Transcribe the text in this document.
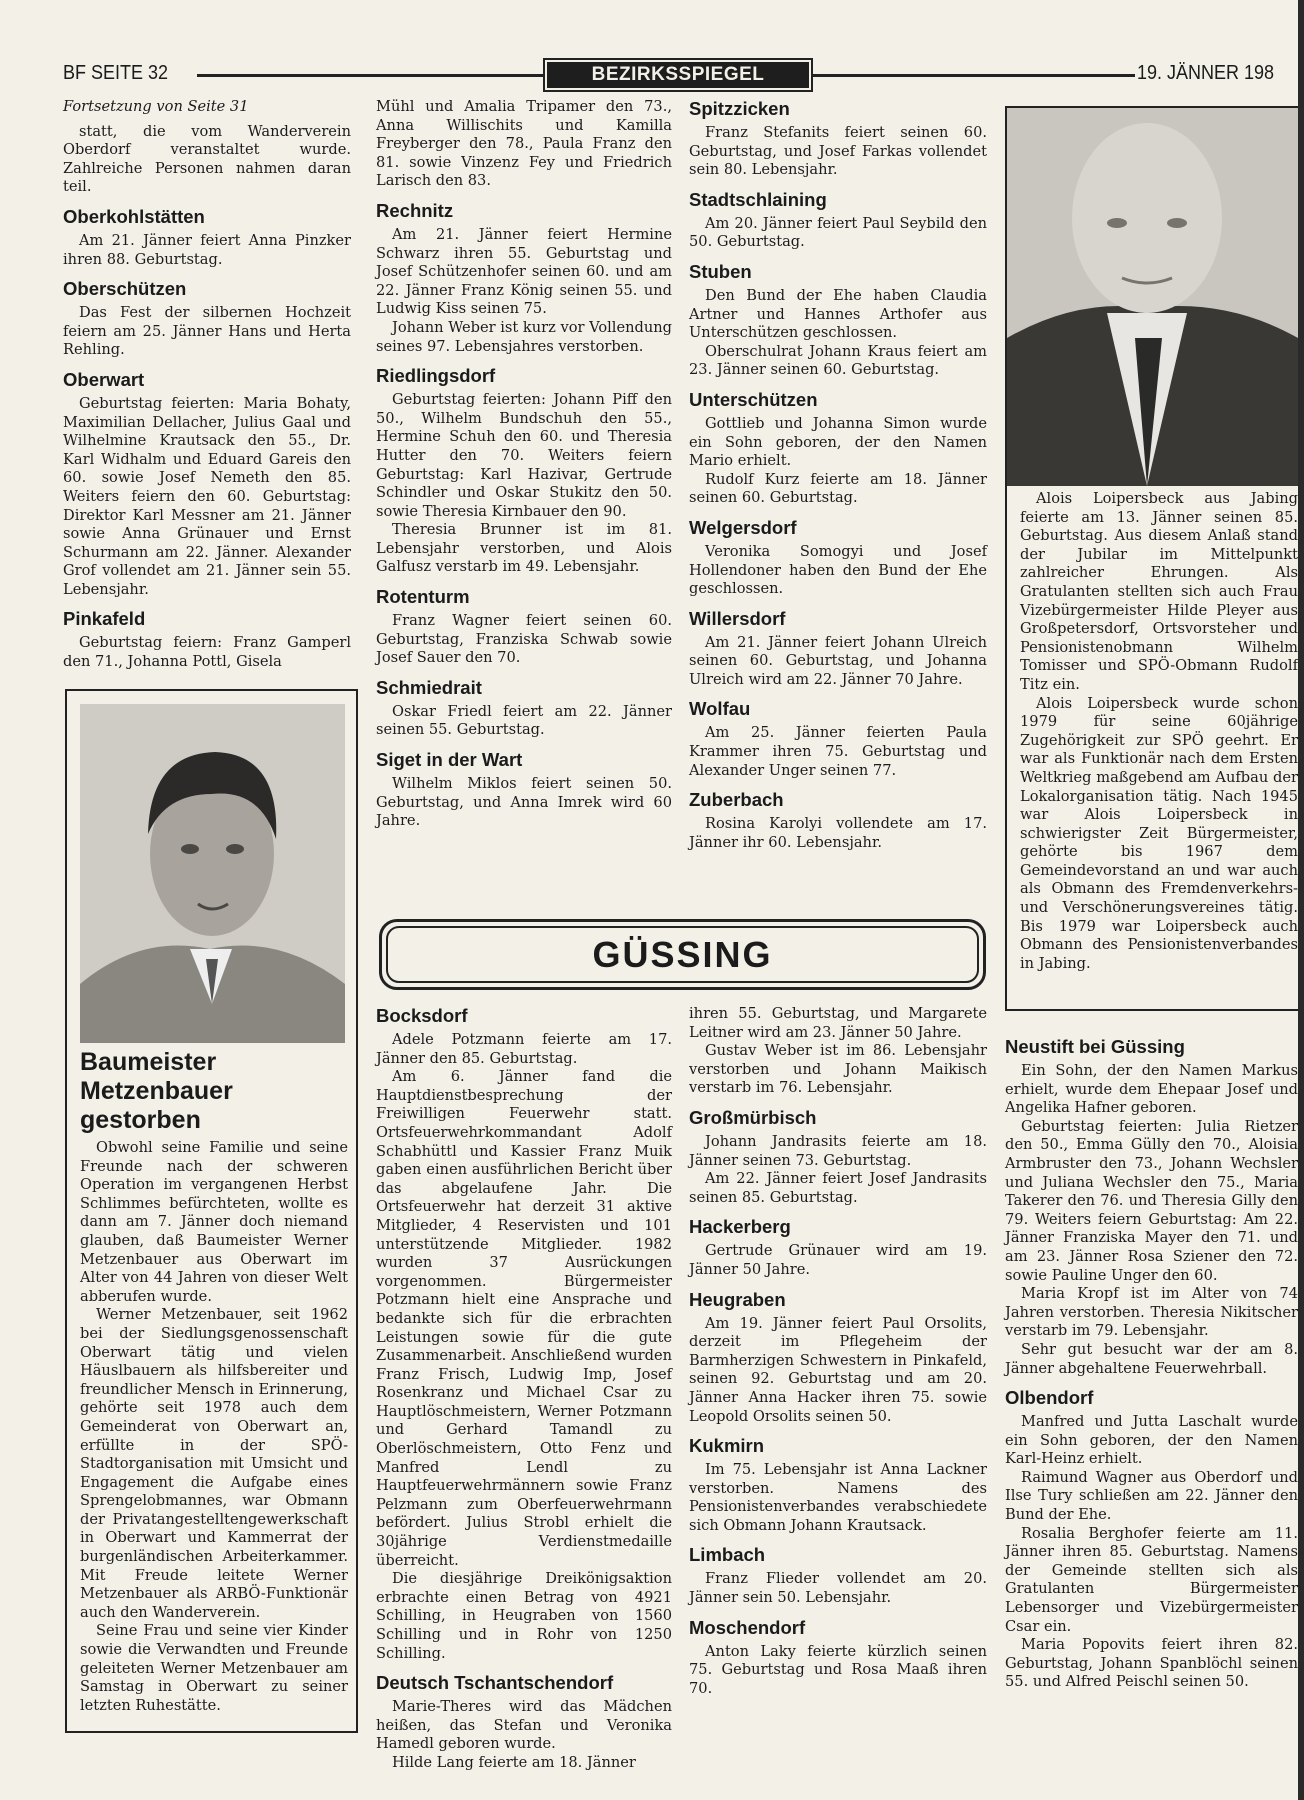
BF SEITE 32	BEZIRKSSPIEGEL	19. JÄNNER 198

Fortsetzung von Seite 31

statt, die vom Wanderverein Oberdorf veranstaltet wurde. Zahlreiche Personen nahmen daran teil.

Oberkohlstätten

Am 21. Jänner feiert Anna Pinzker ihren 88. Geburtstag.

Oberschützen

Das Fest der silbernen Hochzeit feiern am 25. Jänner Hans und Herta Rehling.

Oberwart

Geburtstag feierten: Maria Bohaty, Maximilian Dellacher, Julius Gaal und Wilhelmine Krautsack den 55., Dr. Karl Widhalm und Eduard Gareis den 60. sowie Josef Nemeth den 85. Weiters feiern den 60. Geburtstag: Direktor Karl Messner am 21. Jänner sowie Anna Grünauer und Ernst Schurmann am 22. Jänner. Alexander Grof vollendet am 21. Jänner sein 55. Lebensjahr.

Pinkafeld

Geburtstag feiern: Franz Gamperl den 71., Johanna Pottl, Gisela

Baumeister Metzenbauer gestorben

Obwohl seine Familie und seine Freunde nach der schweren Operation im vergangenen Herbst Schlimmes befürchteten, wollte es dann am 7. Jänner doch niemand glauben, daß Baumeister Werner Metzenbauer aus Oberwart im Alter von 44 Jahren von dieser Welt abberufen wurde.

Werner Metzenbauer, seit 1962 bei der Siedlungsgenossenschaft Oberwart tätig und vielen Häuslbauern als hilfsbereiter und freundlicher Mensch in Erinnerung, gehörte seit 1978 auch dem Gemeinderat von Oberwart an, erfüllte in der SPÖ-Stadtorganisation mit Umsicht und Engagement die Aufgabe eines Sprengelobmannes, war Obmann der Privatangestelltengewerkschaft in Oberwart und Kammerrat der burgenländischen Arbeiterkammer. Mit Freude leitete Werner Metzenbauer als ARBÖ-Funktionär auch den Wanderverein.

Seine Frau und seine vier Kinder sowie die Verwandten und Freunde geleiteten Werner Metzenbauer am Samstag in Oberwart zu seiner letzten Ruhestätte.

Mühl und Amalia Tripamer den 73., Anna Willischits und Kamilla Freyberger den 78., Paula Franz den 81. sowie Vinzenz Fey und Friedrich Larisch den 83.

Rechnitz

Am 21. Jänner feiert Hermine Schwarz ihren 55. Geburtstag und Josef Schützenhofer seinen 60. und am 22. Jänner Franz König seinen 55. und Ludwig Kiss seinen 75.

Johann Weber ist kurz vor Vollendung seines 97. Lebensjahres verstorben.

Riedlingsdorf

Geburtstag feierten: Johann Piff den 50., Wilhelm Bundschuh den 55., Hermine Schuh den 60. und Theresia Hutter den 70. Weiters feiern Geburtstag: Karl Hazivar, Gertrude Schindler und Oskar Stukitz den 50. sowie Theresia Kirnbauer den 90.

Theresia Brunner ist im 81. Lebensjahr verstorben, und Alois Galfusz verstarb im 49. Lebensjahr.

Rotenturm

Franz Wagner feiert seinen 60. Geburtstag, Franziska Schwab sowie Josef Sauer den 70.

Schmiedrait

Oskar Friedl feiert am 22. Jänner seinen 55. Geburtstag.

Siget in der Wart

Wilhelm Miklos feiert seinen 50. Geburtstag, und Anna Imrek wird 60 Jahre.

Spitzzicken

Franz Stefanits feiert seinen 60. Geburtstag, und Josef Farkas vollendet sein 80. Lebensjahr.

Stadtschlaining

Am 20. Jänner feiert Paul Seybild den 50. Geburtstag.

Stuben

Den Bund der Ehe haben Claudia Artner und Hannes Arthofer aus Unterschützen geschlossen.

Oberschulrat Johann Kraus feiert am 23. Jänner seinen 60. Geburtstag.

Unterschützen

Gottlieb und Johanna Simon wurde ein Sohn geboren, der den Namen Mario erhielt.

Rudolf Kurz feierte am 18. Jänner seinen 60. Geburtstag.

Welgersdorf

Veronika Somogyi und Josef Hollendoner haben den Bund der Ehe geschlossen.

Willersdorf

Am 21. Jänner feiert Johann Ulreich seinen 60. Geburtstag, und Johanna Ulreich wird am 22. Jänner 70 Jahre.

Wolfau

Am 25. Jänner feierten Paula Krammer ihren 75. Geburtstag und Alexander Unger seinen 77.

Zuberbach

Rosina Karolyi vollendete am 17. Jänner ihr 60. Lebensjahr.

Alois Loipersbeck aus Jabing feierte am 13. Jänner seinen 85. Geburtstag. Aus diesem Anlaß stand der Jubilar im Mittelpunkt zahlreicher Ehrungen. Als Gratulanten stellten sich auch Frau Vizebürgermeister Hilde Pleyer aus Großpetersdorf, Ortsvorsteher und Pensionistenobmann Wilhelm Tomisser und SPÖ-Obmann Rudolf Titz ein.

Alois Loipersbeck wurde schon 1979 für seine 60jährige Zugehörigkeit zur SPÖ geehrt. Er war als Funktionär nach dem Ersten Weltkrieg maßgebend am Aufbau der Lokalorganisation tätig. Nach 1945 war Alois Loipersbeck in schwierigster Zeit Bürgermeister, gehörte bis 1967 dem Gemeindevorstand an und war auch als Obmann des Fremdenverkehrs- und Verschönerungsvereines tätig. Bis 1979 war Loipersbeck auch Obmann des Pensionistenverbandes in Jabing.

GÜSSING
Bocksdorf

Adele Potzmann feierte am 17. Jänner den 85. Geburtstag.

Am 6. Jänner fand die Hauptdienstbesprechung der Freiwilligen Feuerwehr statt. Ortsfeuerwehrkommandant Adolf Schabhüttl und Kassier Franz Muik gaben einen ausführlichen Bericht über das abgelaufene Jahr. Die Ortsfeuerwehr hat derzeit 31 aktive Mitglieder, 4 Reservisten und 101 unterstützende Mitglieder. 1982 wurden 37 Ausrückungen vorgenommen. Bürgermeister Potzmann hielt eine Ansprache und bedankte sich für die erbrachten Leistungen sowie für die gute Zusammenarbeit. Anschließend wurden Franz Frisch, Ludwig Imp, Josef Rosenkranz und Michael Csar zu Hauptlöschmeistern, Werner Potzmann und Gerhard Tamandl zu Oberlöschmeistern, Otto Fenz und Manfred Lendl zu Hauptfeuerwehrmännern sowie Franz Pelzmann zum Oberfeuerwehrmann befördert. Julius Strobl erhielt die 30jährige Verdienstmedaille überreicht.

Die diesjährige Dreikönigsaktion erbrachte einen Betrag von 4921 Schilling, in Heugraben von 1560 Schilling und in Rohr von 1250 Schilling.

Deutsch Tschantschendorf

Marie-Theres wird das Mädchen heißen, das Stefan und Veronika Hamedl geboren wurde.

Hilde Lang feierte am 18. Jänner

ihren 55. Geburtstag, und Margarete Leitner wird am 23. Jänner 50 Jahre.

Gustav Weber ist im 86. Lebensjahr verstorben und Johann Maikisch verstarb im 76. Lebensjahr.

Großmürbisch

Johann Jandrasits feierte am 18. Jänner seinen 73. Geburtstag.

Am 22. Jänner feiert Josef Jandrasits seinen 85. Geburtstag.

Hackerberg

Gertrude Grünauer wird am 19. Jänner 50 Jahre.

Heugraben

Am 19. Jänner feiert Paul Orsolits, derzeit im Pflegeheim der Barmherzigen Schwestern in Pinkafeld, seinen 92. Geburtstag und am 20. Jänner Anna Hacker ihren 75. sowie Leopold Orsolits seinen 50.

Kukmirn

Im 75. Lebensjahr ist Anna Lackner verstorben. Namens des Pensionistenverbandes verabschiedete sich Obmann Johann Krautsack.

Limbach

Franz Flieder vollendet am 20. Jänner sein 50. Lebensjahr.

Moschendorf

Anton Laky feierte kürzlich seinen 75. Geburtstag und Rosa Maaß ihren 70.

Neustift bei Güssing

Ein Sohn, der den Namen Markus erhielt, wurde dem Ehepaar Josef und Angelika Hafner geboren.

Geburtstag feierten: Julia Rietzer den 50., Emma Gülly den 70., Aloisia Armbruster den 73., Johann Wechsler und Juliana Wechsler den 75., Maria Takerer den 76. und Theresia Gilly den 79. Weiters feiern Geburtstag: Am 22. Jänner Franziska Mayer den 71. und am 23. Jänner Rosa Sziener den 72. sowie Pauline Unger den 60.

Maria Kropf ist im Alter von 74 Jahren verstorben. Theresia Nikitscher verstarb im 79. Lebensjahr.

Sehr gut besucht war der am 8. Jänner abgehaltene Feuerwehrball.

Olbendorf

Manfred und Jutta Laschalt wurde ein Sohn geboren, der den Namen Karl-Heinz erhielt.

Raimund Wagner aus Oberdorf und Ilse Tury schließen am 22. Jänner den Bund der Ehe.

Rosalia Berghofer feierte am 11. Jänner ihren 85. Geburtstag. Namens der Gemeinde stellten sich als Gratulanten Bürgermeister Lebensorger und Vizebürgermeister Csar ein.

Maria Popovits feiert ihren 82. Geburtstag, Johann Spanblöchl seinen 55. und Alfred Peischl seinen 50.
